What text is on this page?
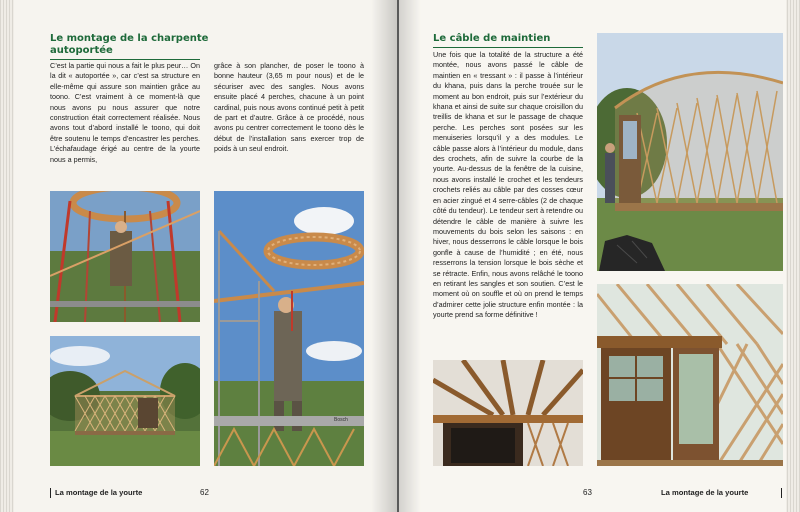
Le montage de la charpente autoportée
C’est la partie qui nous a fait le plus peur… On la dit « autoportée », car c’est sa structure en elle-même qui assure son maintien grâce au toono. C’est vraiment à ce moment-là que nous avons pu nous assurer que notre construction était correctement réalisée. Nous avons tout d’abord installé le toono, qui doit être soutenu le temps d’encastrer les perches. L’échafaudage érigé au centre de la yourte nous a permis,
grâce à son plancher, de poser le toono à bonne hauteur (3,65 m pour nous) et de le sécuriser avec des sangles. Nous avons ensuite placé 4 perches, chacune à un point cardinal, puis nous avons continué petit à petit de part et d’autre. Grâce à ce procédé, nous avons pu centrer correctement le toono dès le début de l’installation sans exercer trop de poids à un seul endroit.
Bosch
La montage de la yourte	62
Le câble de maintien
Une fois que la totalité de la structure a été montée, nous avons passé le câble de maintien en « tressant » : il passe à l’intérieur du khana, puis dans la perche trouée sur le moment au bon endroit, puis sur l’extérieur du khana et ainsi de suite sur chaque croisillon du treillis de khana et sur le passage de chaque perche. Les perches sont posées sur les menuiseries lorsqu’il y a des modules. Le câble passe alors à l’intérieur du module, dans des crochets, afin de suivre la courbe de la yourte. Au-dessus de la fenêtre de la cuisine, nous avons installé le crochet et les tendeurs crochets reliés au câble par des cosses cœur en acier zingué et 4 serre-câbles (2 de chaque côté du tendeur). Le tendeur sert à retendre ou détendre le câble de manière à suivre les mouvements du bois selon les saisons : en hiver, nous desserrons le câble lorsque le bois gonfle à cause de l’humidité ; en été, nous resserrons la tension lorsque le bois sèche et se rétracte. Enfin, nous avons relâché le toono en retirant les sangles et son soutien. C’est le moment où on souffle et où on prend le temps d’admirer cette jolie structure enfin montée : la yourte prend sa forme définitive !
63	La montage de la yourte
